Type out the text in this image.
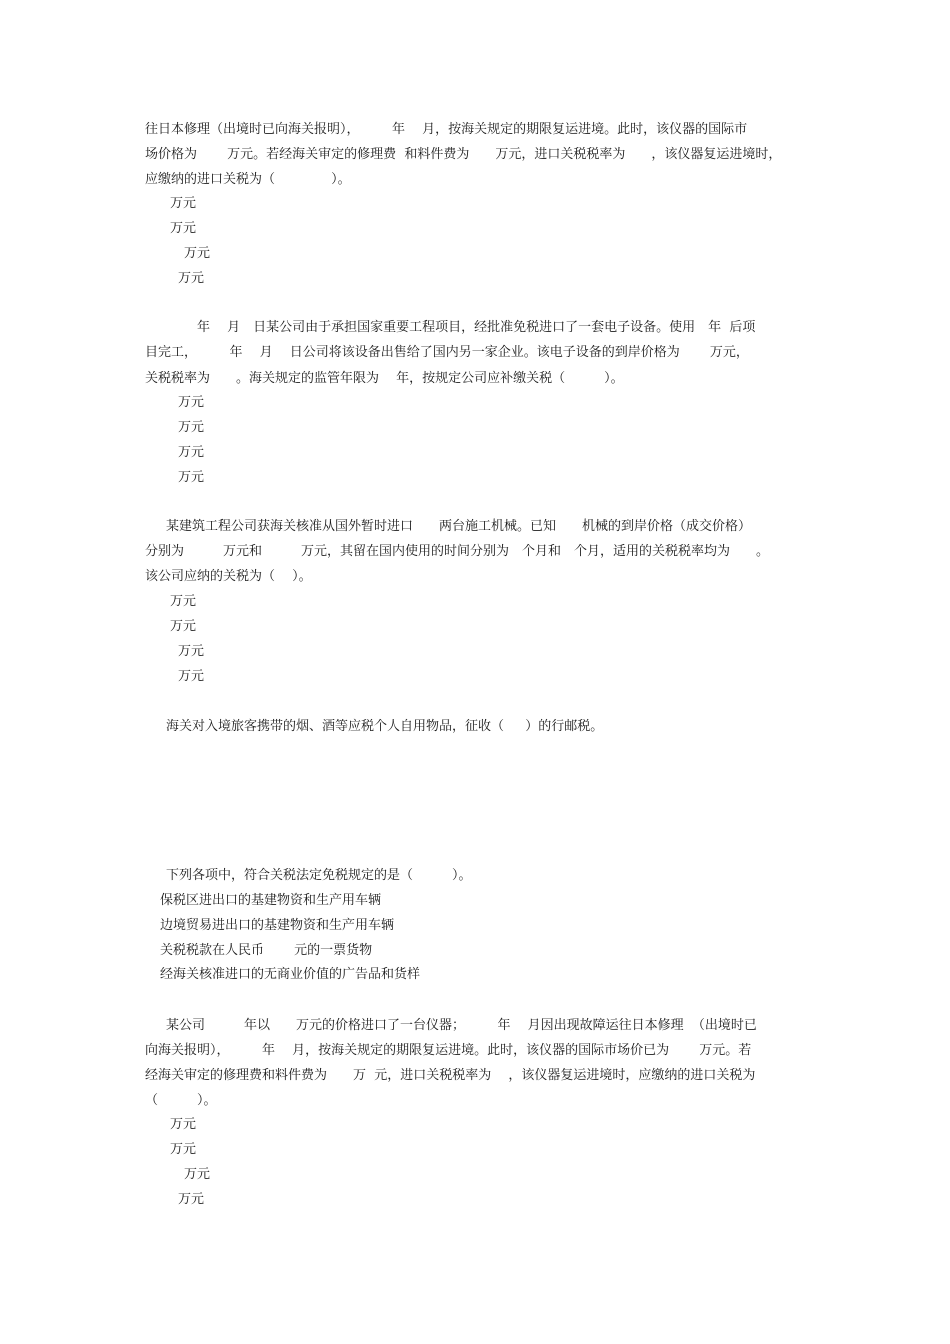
往日本修理（出境时已向海关报明），　　　年　 月，按海关规定的期限复运进境。此时，该仪器的国际市
场价格为　　 万元。若经海关审定的修理费  和料件费为　　万元，进口关税税率为　　，该仪器复运进境时，
应缴纳的进口关税为（　　　　 ）。
万元
万元
万元
万元
　　　　年　 月　日某公司由于承担国家重要工程项目，经批准免税进口了一套电子设备。使用　年  后项
目完工，　　　年　 月　 日公司将该设备出售给了国内另一家企业。该电子设备的到岸价格为　　 万元，
关税税率为　　。海关规定的监管年限为　 年，按规定公司应补缴关税（　　　）。
万元
万元
万元
万元
某建筑工程公司获海关核准从国外暂时进口　　两台施工机械。已知　　机械的到岸价格（成交价格）
分别为　　　万元和　　　万元，其留在国内使用的时间分别为　个月和　个月，适用的关税税率均为　　。
该公司应纳的关税为（　 ）。
万元
万元
万元
万元
海关对入境旅客携带的烟、酒等应税个人自用物品，征收（　  ）的行邮税。
下列各项中，符合关税法定免税规定的是（　　　）。
保税区进出口的基建物资和生产用车辆
边境贸易进出口的基建物资和生产用车辆
关税税款在人民币　　 元的一票货物
经海关核准进口的无商业价值的广告品和货样
某公司　　　年以　　万元的价格进口了一台仪器；　　　年　 月因出现故障运往日本修理  （出境时已
向海关报明），　　　年　 月，按海关规定的期限复运进境。此时，该仪器的国际市场价已为　　 万元。若
经海关审定的修理费和料件费为　　万  元，进口关税税率为　 ，该仪器复运进境时，应缴纳的进口关税为
（　　　）。
万元
万元
万元
万元
